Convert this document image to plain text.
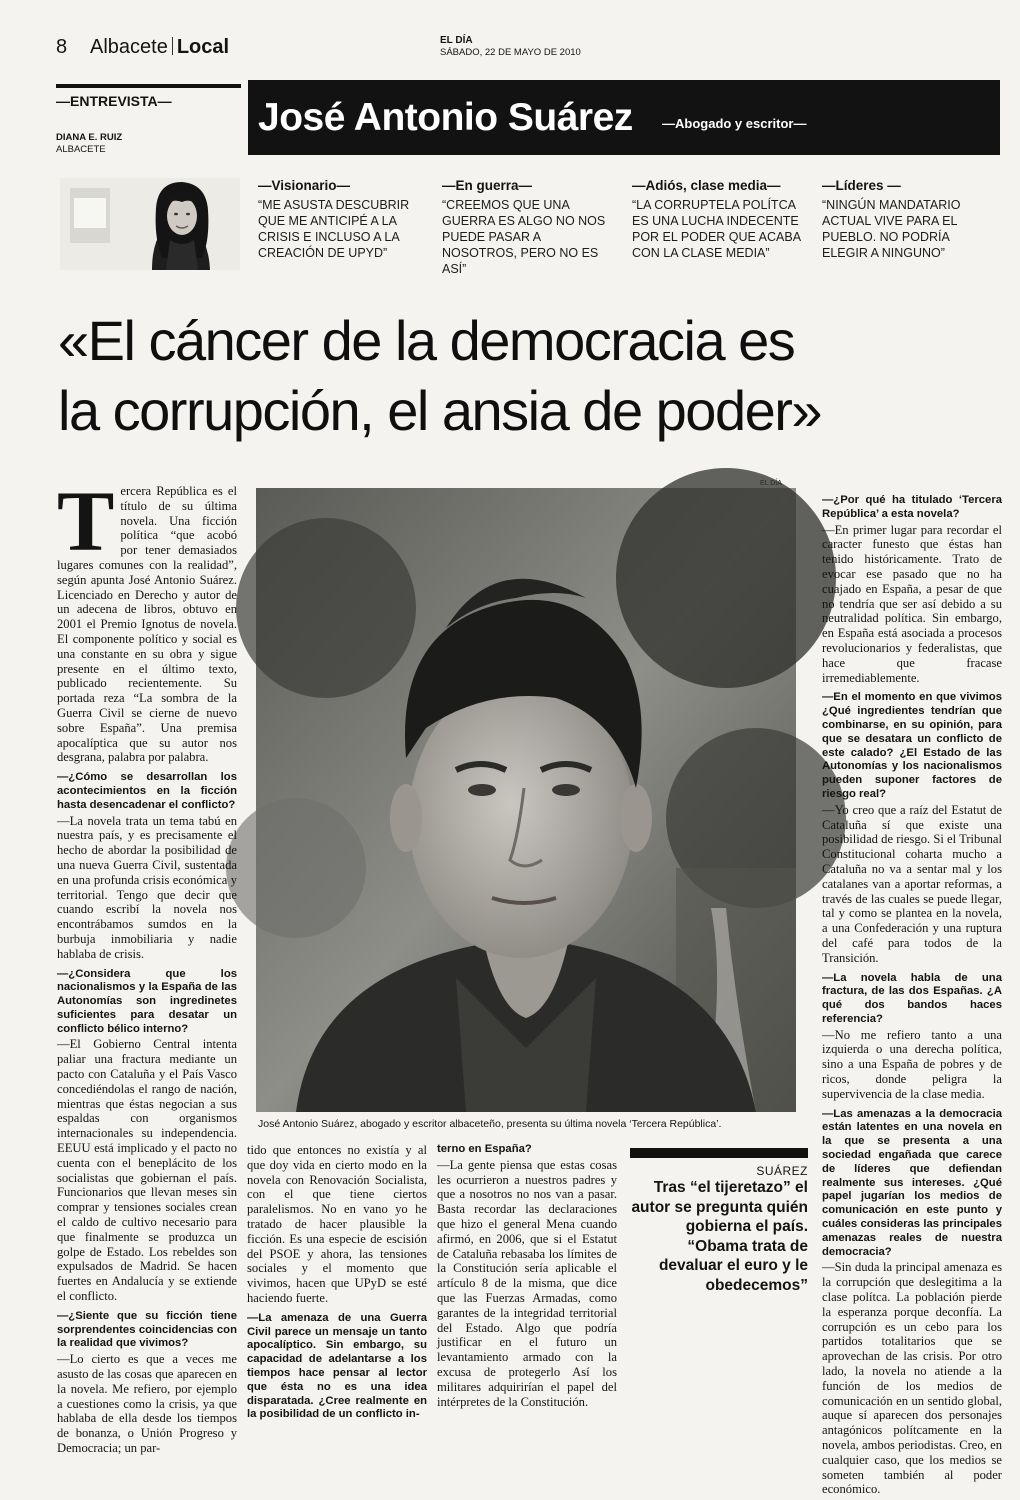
8 Albacete Local	EL DÍA
SÁBADO, 22 DE MAYO DE 2010
—ENTREVISTA—
DIANA E. RUIZ
ALBACETE
José Antonio Suárez —Abogado y escritor—
—Visionario—
“ME ASUSTA DESCUBRIR QUE ME ANTICIPÉ A LA CRISIS E INCLUSO A LA CREACIÓN DE UPYD”
—En guerra—
“CREEMOS QUE UNA GUERRA ES ALGO NO NOS PUEDE PASAR A NOSOTROS, PERO NO ES ASÍ”
—Adiós, clase media—
“LA CORRUPTELA POLÍTCA ES UNA LUCHA INDECENTE POR EL PODER QUE ACABA CON LA CLASE MEDIA”
—Líderes —
“NINGÚN MANDATARIO ACTUAL VIVE PARA EL PUEBLO. NO PODRÍA ELEGIR A NINGUNO”
«El cáncer de la democracia es
la corrupción, el ansia de poder»
José Antonio Suárez, abogado y escritor albaceteño, presenta su última novela ‘Tercera República’.

Tercera República es el título de su última novela. Una ficción política “que acobó por tener demasiados lugares comunes con la realidad”, según apunta José Antonio Suárez. Licenciado en Derecho y autor de un adecena de libros, obtuvo en 2001 el Premio Ignotus de novela. El componente político y social es una constante en su obra y sigue presente en el último texto, publicado recientemente. Su portada reza “La sombra de la Guerra Civil se cierne de nuevo sobre España”. Una premisa apocalíptica que su autor nos desgrana, palabra por palabra.

—¿Cómo se desarrollan los acontecimientos en la ficción hasta desencadenar el conflicto?

—La novela trata un tema tabú en nuestra país, y es precisamente el hecho de abordar la posibilidad de una nueva Guerra Civil, sustentada en una profunda crisis económica y territorial. Tengo que decir que cuando escribí la novela nos encontrábamos sumdos en la burbuja inmobiliaria y nadie hablaba de crisis.

—¿Considera que los nacionalismos y la España de las Autonomías son ingredinetes suficientes para desatar un conflicto bélico interno?

—El Gobierno Central intenta paliar una fractura mediante un pacto con Cataluña y el País Vasco concediéndolas el rango de nación, mientras que éstas negocian a sus espaldas con organismos internacionales su independencia. EEUU está implicado y el pacto no cuenta con el beneplácito de los socialistas que gobiernan el país. Funcionarios que llevan meses sin comprar y tensiones sociales crean el caldo de cultivo necesario para que finalmente se produzca un golpe de Estado. Los rebeldes son expulsados de Madrid. Se hacen fuertes en Andalucía y se extiende el conflicto.

—¿Siente que su ficción tiene sorprendentes coincidencias con la realidad que vivimos?

—Lo cierto es que a veces me asusto de las cosas que aparecen en la novela. Me refiero, por ejemplo a cuestiones como la crisis, ya que hablaba de ella desde los tiempos de bonanza, o Unión Progreso y Democracia; un par-

tido que entonces no existía y al que doy vida en cierto modo en la novela con Renovación Socialista, con el que tiene ciertos paralelismos. No en vano yo he tratado de hacer plausible la ficción. Es una especie de escisión del PSOE y ahora, las tensiones sociales y el momento que vivimos, hacen que UPyD se esté haciendo fuerte.

—La amenaza de una Guerra Civil parece un mensaje un tanto apocalíptico. Sin embargo, su capacidad de adelantarse a los tiempos hace pensar al lector que ésta no es una idea disparatada. ¿Cree realmente en la posibilidad de un conflicto in-

terno en España?

—La gente piensa que estas cosas les ocurrieron a nuestros padres y que a nosotros no nos van a pasar. Basta recordar las declaraciones que hizo el general Mena cuando afirmó, en 2006, que si el Estatut de Cataluña rebasaba los límites de la Constitución sería aplicable el artículo 8 de la misma, que dice que las Fuerzas Armadas, como garantes de la integridad territorial del Estado. Algo que podría justificar en el futuro un levantamiento armado con la excusa de protegerlo Así los militares adquirirían el papel del intérpretes de la Constitución.

SUÁREZ
Tras “el tijeretazo” el autor se pregunta quién gobierna el país. “Obama trata de devaluar el euro y le obedecemos”

—¿Por qué ha titulado ‘Tercera República’ a esta novela?

—En primer lugar para recordar el caracter funesto que éstas han tenido históricamente. Trato de evocar ese pasado que no ha cuajado en España, a pesar de que no tendría que ser así debido a su neutralidad política. Sin embargo, en España está asociada a procesos revolucionarios y federalistas, que hace que fracase irremediablemente.

—En el momento en que vivimos ¿Qué ingredientes tendrían que combinarse, en su opinión, para que se desatara un conflicto de este calado? ¿El Estado de las Autonomías y los nacionalismos pueden suponer factores de riesgo real?

—Yo creo que a raíz del Estatut de Cataluña sí que existe una posibilidad de riesgo. Si el Tribunal Constitucional coharta mucho a Cataluña no va a sentar mal y los catalanes van a aportar reformas, a través de las cuales se puede llegar, tal y como se plantea en la novela, a una Confederación y una ruptura del café para todos de la Transición.

—La novela habla de una fractura, de las dos Españas. ¿A qué dos bandos haces referencia?

—No me refiero tanto a una izquierda o una derecha política, sino a una España de pobres y de ricos, donde peligra la supervivencia de la clase media.

—Las amenazas a la democracia están latentes en una novela en la que se presenta a una sociedad engañada que carece de líderes que defiendan realmente sus intereses. ¿Qué papel jugarían los medios de comunicación en este punto y cuáles consideras las principales amenazas reales de nuestra democracia?

—Sin duda la principal amenaza es la corrupción que deslegitima a la clase polítca. La población pierde la esperanza porque deconfía. La corrupción es un cebo para los partidos totalitarios que se aprovechan de las crisis. Por otro lado, la novela no atiende a la función de los medios de comunicación en un sentido global, auque sí aparecen dos personajes antagónicos polítcamente en la novela, ambos periodistas. Creo, en cualquier caso, que los medios se someten también al poder económico.
